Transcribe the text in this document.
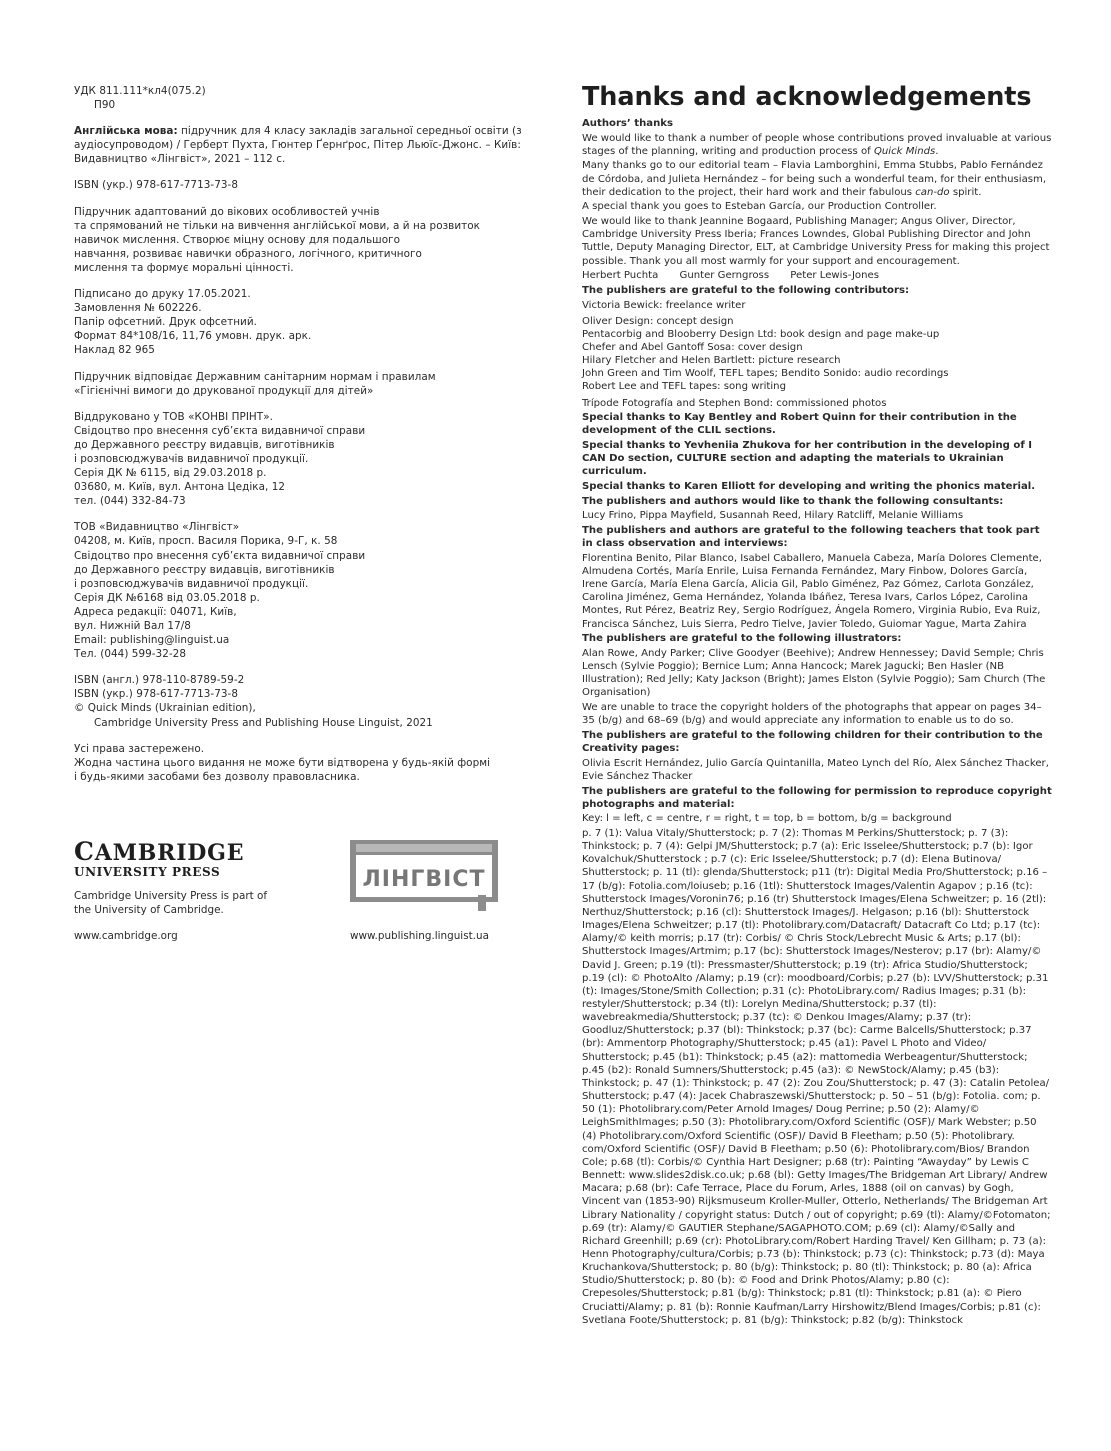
УДК 811.111*кл4(075.2)

П90

Англійська мова: підручник для 4 класу закладів загальної середньої освіти (з аудіосупроводом) / Герберт Пухта, Гюнтер Ґернґрос, Пітер Льюїс-Джонс. – Київ: Видавництво «Лінгвіст», 2021 – 112 с.

ISBN (укр.) 978-617-7713-73-8

Підручник адаптований до вікових особливостей учнів

та спрямований не тільки на вивчення англійської мови, а й на розвиток

навичок мислення. Створює міцну основу для подальшого

навчання, розвиває навички образного, логічного, критичного

мислення та формує моральні цінності.

Підписано до друку 17.05.2021.

Замовлення № 602226.

Папір офсетний. Друк офсетний.

Формат 84*108/16, 11,76 умовн. друк. арк.

Наклад 82 965

Підручник відповідає Державним санітарним нормам і правилам

«Гігієнічні вимоги до друкованої продукції для дітей»

Віддруковано у ТОВ «КОНВІ ПРІНТ».

Свідоцтво про внесення суб’єкта видавничої справи

до Державного реєстру видавців, виготівників

і розповсюджувачів видавничої продукції.

Серія ДК № 6115, від 29.03.2018 р.

03680, м. Київ, вул. Антона Цедіка, 12

тел. (044) 332-84-73

ТОВ «Видавництво «Лінгвіст»

04208, м. Київ, просп. Василя Порика, 9-Г, к. 58

Свідоцтво про внесення суб’єкта видавничої справи

до Державного реєстру видавців, виготівників

і розповсюджувачів видавничої продукції.

Серія ДК №6168 від 03.05.2018 р.

Адреса редакції: 04071, Київ,

вул. Нижній Вал 17/8

Email: publishing@linguist.ua

Тел. (044) 599-32-28

ISBN (англ.) 978-110-8789-59-2

ISBN (укр.) 978-617-7713-73-8

© Quick Minds (Ukrainian edition),

Cambridge University Press and Publishing House Linguist, 2021

Усі права застережено.

Жодна частина цього видання не може бути відтворена у будь-якій формі

і будь-якими засобами без дозволу правовласника.

CAMBRIDGE
UNIVERSITY PRESS
Cambridge University Press is part of
the University of Cambridge.
www.cambridge.org
ЛІНГВІСТ
www.publishing.linguist.ua
Thanks and acknowledgements

Authors’ thanks

We would like to thank a number of people whose contributions proved invaluable at various stages of the planning, writing and production process of Quick Minds.

Many thanks go to our editorial team – Flavia Lamborghini, Emma Stubbs, Pablo Fernández de Córdoba, and Julieta Hernández – for being such a wonderful team, for their enthusiasm, their dedication to the project, their hard work and their fabulous can-do spirit.

A special thank you goes to Esteban García, our Production Controller.

We would like to thank Jeannine Bogaard, Publishing Manager; Angus Oliver, Director, Cambridge University Press Iberia; Frances Lowndes, Global Publishing Director and John Tuttle, Deputy Managing Director, ELT, at Cambridge University Press for making this project possible. Thank you all most warmly for your support and encouragement.

Herbert Puchta Gunter Gerngross Peter Lewis-Jones

The publishers are grateful to the following contributors:

Victoria Bewick: freelance writer

Oliver Design: concept design

Pentacorbig and Blooberry Design Ltd: book design and page make-up

Chefer and Abel Gantoff Sosa: cover design

Hilary Fletcher and Helen Bartlett: picture research

John Green and Tim Woolf, TEFL tapes; Bendito Sonido: audio recordings

Robert Lee and TEFL tapes: song writing

Trípode Fotografía and Stephen Bond: commissioned photos

Special thanks to Kay Bentley and Robert Quinn for their contribution in the development of the CLIL sections.

Special thanks to Yevheniia Zhukova for her contribution in the developing of I CAN Do section, CULTURE section and adapting the materials to Ukrainian curriculum.

Special thanks to Karen Elliott for developing and writing the phonics material.

The publishers and authors would like to thank the following consultants:

Lucy Frino, Pippa Mayfield, Susannah Reed, Hilary Ratcliff, Melanie Williams

The publishers and authors are grateful to the following teachers that took part in class observation and interviews:

Florentina Benito, Pilar Blanco, Isabel Caballero, Manuela Cabeza, María Dolores Clemente, Almudena Cortés, María Enrile, Luisa Fernanda Fernández, Mary Finbow, Dolores García, Irene García, María Elena García, Alicia Gil, Pablo Giménez, Paz Gómez, Carlota González, Carolina Jiménez, Gema Hernández, Yolanda Ibáñez, Teresa Ivars, Carlos López, Carolina Montes, Rut Pérez, Beatriz Rey, Sergio Rodríguez, Ángela Romero, Virginia Rubio, Eva Ruiz, Francisca Sánchez, Luis Sierra, Pedro Tielve, Javier Toledo, Guiomar Yague, Marta Zahira

The publishers are grateful to the following illustrators:

Alan Rowe, Andy Parker; Clive Goodyer (Beehive); Andrew Hennessey; David Semple; Chris Lensch (Sylvie Poggio); Bernice Lum; Anna Hancock; Marek Jagucki; Ben Hasler (NB Illustration); Red Jelly; Katy Jackson (Bright); James Elston (Sylvie Poggio); Sam Church (The Organisation)

We are unable to trace the copyright holders of the photographs that appear on pages 34–35 (b/g) and 68–69 (b/g) and would appreciate any information to enable us to do so.

The publishers are grateful to the following children for their contribution to the Creativity pages:

Olivia Escrit Hernández, Julio García Quintanilla, Mateo Lynch del Río, Alex Sánchez Thacker, Evie Sánchez Thacker

The publishers are grateful to the following for permission to reproduce copyright photographs and material:

Key: l = left, c = centre, r = right, t = top, b = bottom, b/g = background

p. 7 (1): Valua Vitaly/Shutterstock; p. 7 (2): Thomas M Perkins/Shutterstock; p. 7 (3): Thinkstock; p. 7 (4): Gelpi JM/Shutterstock; p.7 (a): Eric Isselee/Shutterstock; p.7 (b): Igor Kovalchuk/Shutterstock ; p.7 (c): Eric Isselee/Shutterstock; p.7 (d): Elena Butinova/ Shutterstock; p. 11 (tl): glenda/Shutterstock; p11 (tr): Digital Media Pro/Shutterstock; p.16 – 17 (b/g): Fotolia.com/loiuseb; p.16 (1tl): Shutterstock Images/Valentin Agapov ; p.16 (tc): Shutterstock Images/Voronin76; p.16 (tr) Shutterstock Images/Elena Schweitzer; p. 16 (2tl): Nerthuz/Shutterstock; p.16 (cl): Shutterstock Images/J. Helgason; p.16 (bl): Shutterstock Images/Elena Schweitzer; p.17 (tl): Photolibrary.com/Datacraft/ Datacraft Co Ltd; p.17 (tc): Alamy/© keith morris; p.17 (tr): Corbis/ © Chris Stock/Lebrecht Music & Arts; p.17 (bl): Shutterstock Images/Artmim; p.17 (bc): Shutterstock Images/Nesterov; p.17 (br): Alamy/© David J. Green; p.19 (tl): Pressmaster/Shutterstock; p.19 (tr): Africa Studio/Shutterstock; p.19 (cl): © PhotoAlto /Alamy; p.19 (cr): moodboard/Corbis; p.27 (b): LVV/Shutterstock; p.31 (t): Images/Stone/Smith Collection; p.31 (c): PhotoLibrary.com/ Radius Images; p.31 (b): restyler/Shutterstock; p.34 (tl): Lorelyn Medina/Shutterstock; p.37 (tl): wavebreakmedia/Shutterstock; p.37 (tc): © Denkou Images/Alamy; p.37 (tr): Goodluz/Shutterstock; p.37 (bl): Thinkstock; p.37 (bc): Carme Balcells/Shutterstock; p.37 (br): Ammentorp Photography/Shutterstock; p.45 (a1): Pavel L Photo and Video/ Shutterstock; p.45 (b1): Thinkstock; p.45 (a2): mattomedia Werbeagentur/Shutterstock; p.45 (b2): Ronald Sumners/Shutterstock; p.45 (a3): © NewStock/Alamy; p.45 (b3): Thinkstock; p. 47 (1): Thinkstock; p. 47 (2): Zou Zou/Shutterstock; p. 47 (3): Catalin Petolea/ Shutterstock; p.47 (4): Jacek Chabraszewski/Shutterstock; p. 50 – 51 (b/g): Fotolia. com; p. 50 (1): Photolibrary.com/Peter Arnold Images/ Doug Perrine; p.50 (2): Alamy/© LeighSmithImages; p.50 (3): Photolibrary.com/Oxford Scientific (OSF)/ Mark Webster; p.50 (4) Photolibrary.com/Oxford Scientific (OSF)/ David B Fleetham; p.50 (5): Photolibrary. com/Oxford Scientific (OSF)/ David B Fleetham; p.50 (6): Photolibrary.com/Bios/ Brandon Cole; p.68 (tl): Corbis/© Cynthia Hart Designer; p.68 (tr): Painting “Awayday” by Lewis C Bennett: www.slides2disk.co.uk; p.68 (bl): Getty Images/The Bridgeman Art Library/ Andrew Macara; p.68 (br): Cafe Terrace, Place du Forum, Arles, 1888 (oil on canvas) by Gogh, Vincent van (1853-90) Rijksmuseum Kroller-Muller, Otterlo, Netherlands/ The Bridgeman Art Library Nationality / copyright status: Dutch / out of copyright; p.69 (tl): Alamy/©Fotomaton; p.69 (tr): Alamy/© GAUTIER Stephane/SAGAPHOTO.COM; p.69 (cl): Alamy/©Sally and Richard Greenhill; p.69 (cr): PhotoLibrary.com/Robert Harding Travel/ Ken Gillham; p. 73 (a): Henn Photography/cultura/Corbis; p.73 (b): Thinkstock; p.73 (c): Thinkstock; p.73 (d): Maya Kruchankova/Shutterstock; p. 80 (b/g): Thinkstock; p. 80 (tl): Thinkstock; p. 80 (a): Africa Studio/Shutterstock; p. 80 (b): © Food and Drink Photos/Alamy; p.80 (c): Crepesoles/Shutterstock; p.81 (b/g): Thinkstock; p.81 (tl): Thinkstock; p.81 (a): © Piero Cruciatti/Alamy; p. 81 (b): Ronnie Kaufman/Larry Hirshowitz/Blend Images/Corbis; p.81 (c): Svetlana Foote/Shutterstock; p. 81 (b/g): Thinkstock; p.82 (b/g): Thinkstock
